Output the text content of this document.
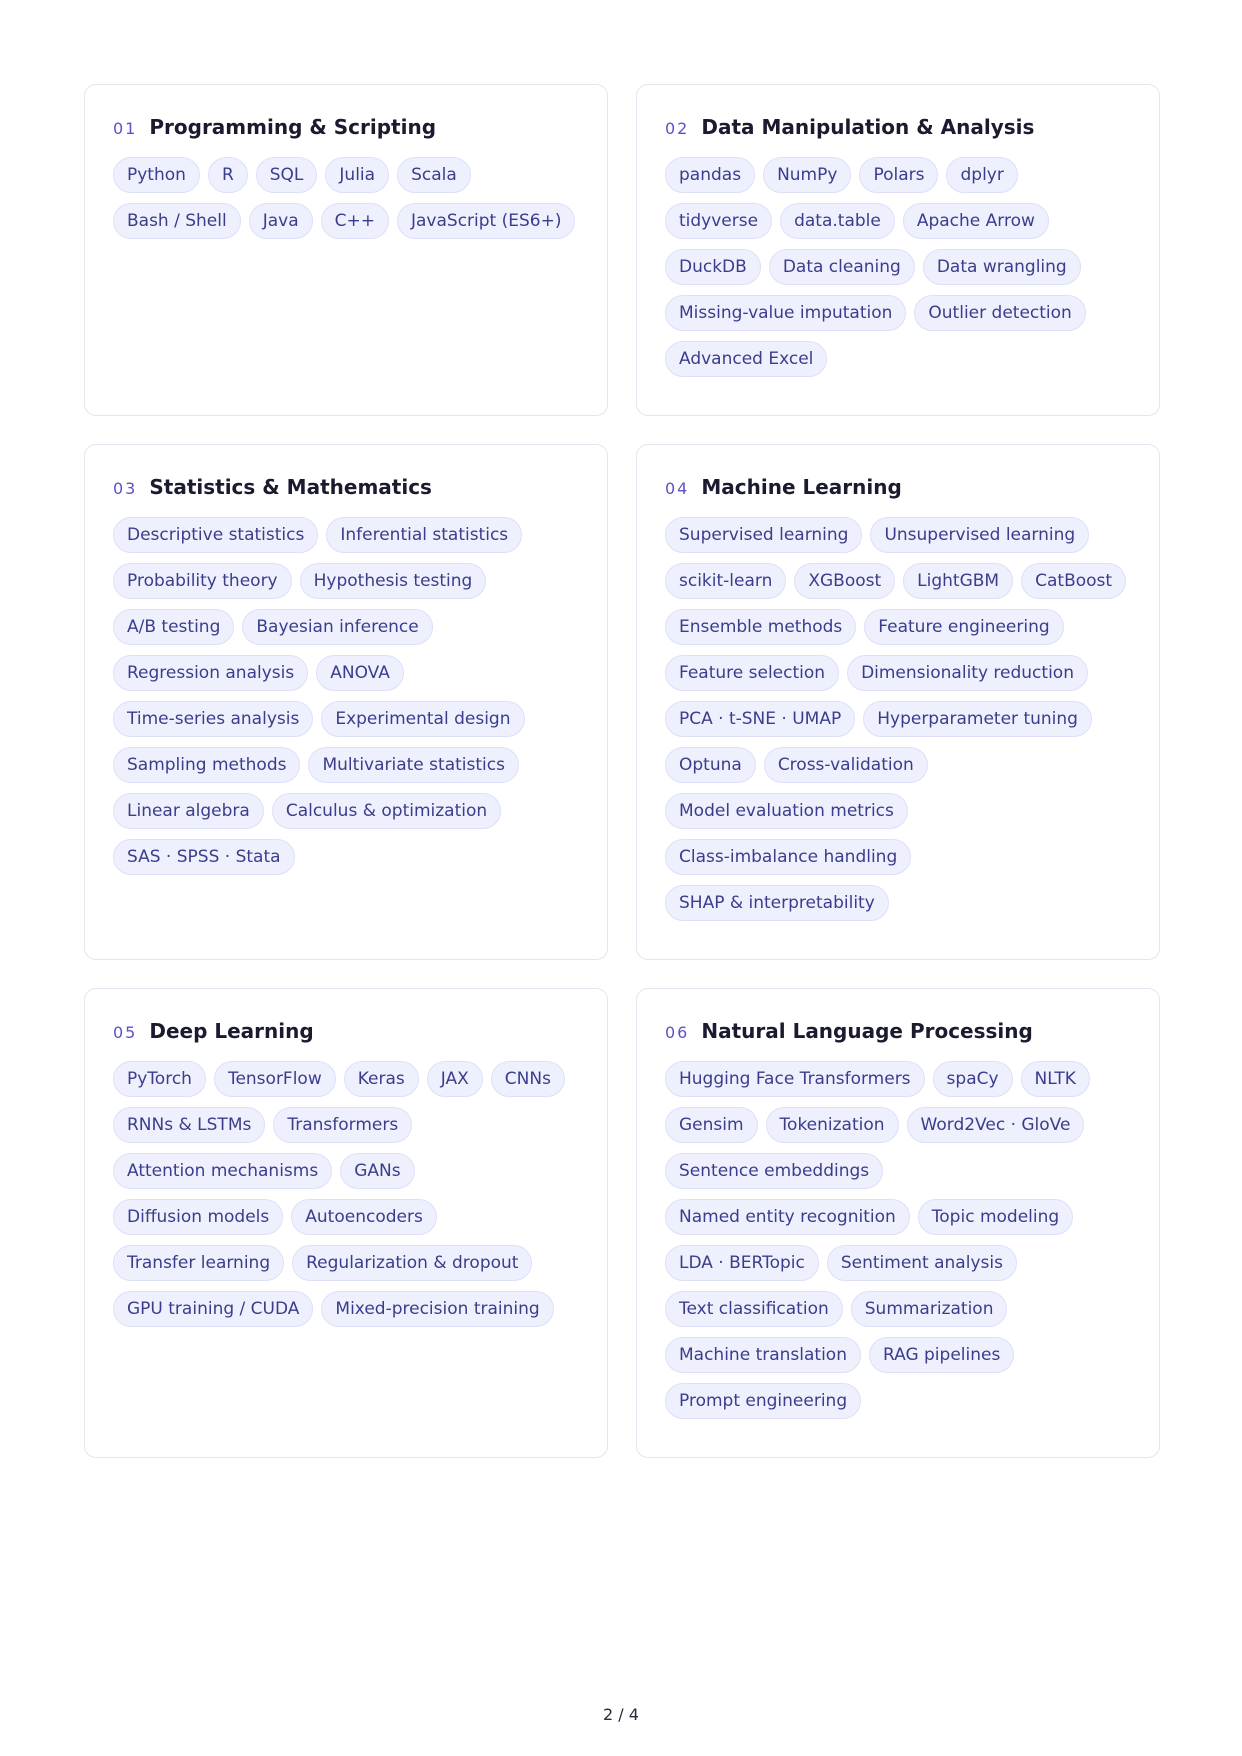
01 Programming & Scripting
Python	R	SQL	Julia	Scala
Bash / Shell	Java	C++	JavaScript (ES6+)
02 Data Manipulation & Analysis
pandas	NumPy	Polars	dplyr
tidyverse	data.table	Apache Arrow
DuckDB	Data cleaning	Data wrangling
Missing-value imputation	Outlier detection
Advanced Excel
03 Statistics & Mathematics
Descriptive statistics	Inferential statistics
Probability theory	Hypothesis testing
A/B testing	Bayesian inference
Regression analysis	ANOVA
Time-series analysis	Experimental design
Sampling methods	Multivariate statistics
Linear algebra	Calculus & optimization
SAS · SPSS · Stata
04 Machine Learning
Supervised learning	Unsupervised learning
scikit-learn	XGBoost	LightGBM	CatBoost
Ensemble methods	Feature engineering
Feature selection	Dimensionality reduction
PCA · t-SNE · UMAP	Hyperparameter tuning
Optuna	Cross-validation
Model evaluation metrics
Class-imbalance handling
SHAP & interpretability
05 Deep Learning
PyTorch	TensorFlow	Keras	JAX	CNNs
RNNs & LSTMs	Transformers
Attention mechanisms	GANs
Diffusion models	Autoencoders
Transfer learning	Regularization & dropout
GPU training / CUDA	Mixed-precision training
06 Natural Language Processing
Hugging Face Transformers	spaCy	NLTK
Gensim	Tokenization	Word2Vec · GloVe
Sentence embeddings
Named entity recognition	Topic modeling
LDA · BERTopic	Sentiment analysis
Text classification	Summarization
Machine translation	RAG pipelines
Prompt engineering
2 / 4
